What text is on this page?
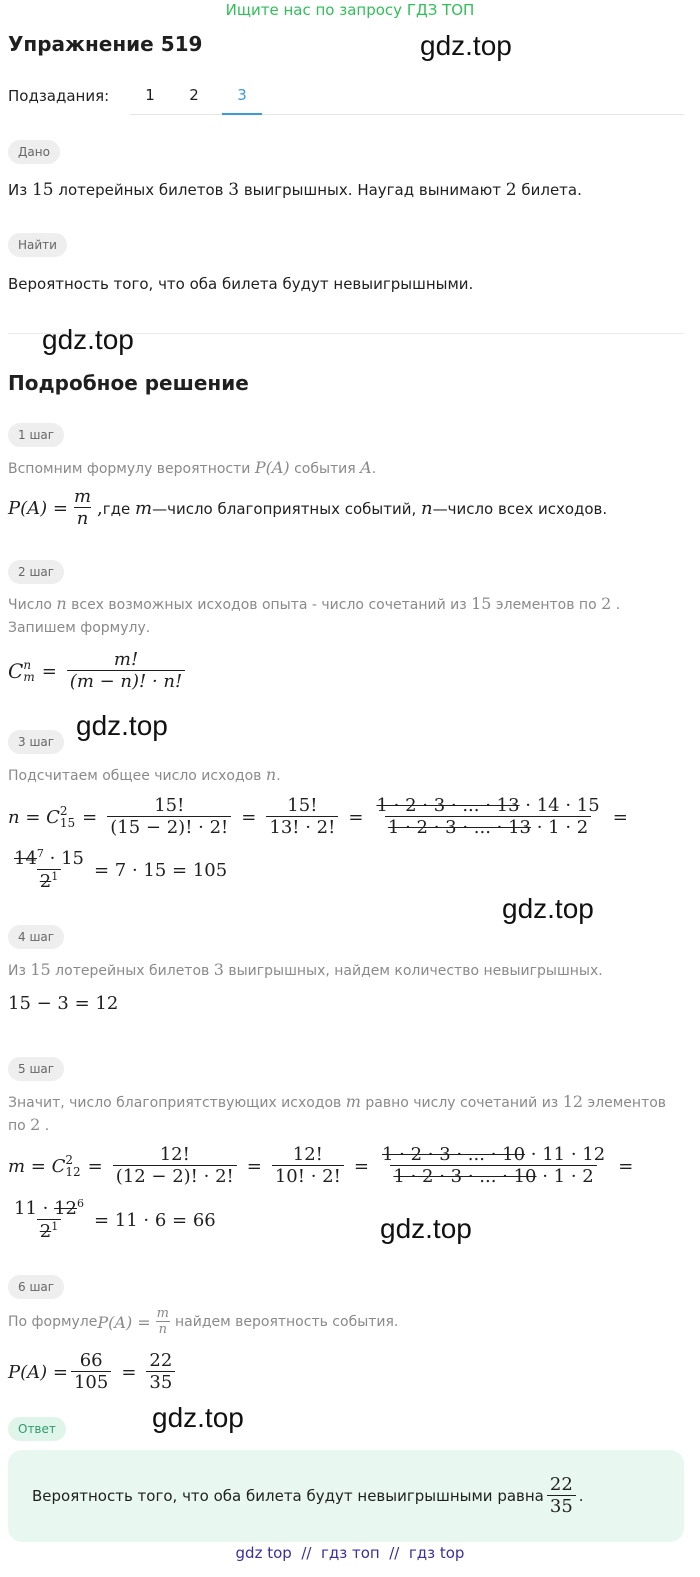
Ищите нас по запросу ГДЗ ТОП
Упражнение 519	gdz.top
Подзадания:	1	2	3
Дано
Из 15 лотерейных билетов 3 выигрышных. Наугад вынимают 2 билета.
Найти
Вероятность того, что оба билета будут невыигрышными.
gdz.top
Подробное решение
1 шаг
Вспомним формулу вероятности P(A) события A.
$P(A) = \frac{m}{n}$ , где m—число благоприятных событий, n—число всех исходов.
2 шаг
Число n всех возможных исходов опыта - число сочетаний из 15 элементов по 2 .
Запишем формулу.
C n
$m = \frac{m!}{(m - n)! \cdot n!}$
gdz.top
3 шаг
Подсчитаем общее число исходов n.
n = C 2
$15 = \frac{15!}{(15 - 2)! \cdot 2!} = \frac{15!}{13! \cdot 2!} = \frac{1 \cdot 2 \cdot 3 \cdot ... \cdot 13 \cdot 14 \cdot 15}{1 \cdot 2 \cdot 3 \cdot ... \cdot 13 \cdot 1 \cdot 2}$ =
$\frac{14^7 \cdot 15}{2^1} = 7 \cdot 15 = 105$
gdz.top
4 шаг
Из 15 лотерейных билетов 3 выигрышных, найдем количество невыигрышных.
15 − 3 = 12
5 шаг
Значит, число благоприятствующих исходов m равно числу сочетаний из 12 элементов
по 2 .
m = C 2
$12 = \frac{12!}{(12 - 2)! \cdot 2!} = \frac{12!}{10! \cdot 2!} = \frac{1 \cdot 2 \cdot 3 \cdot ... \cdot 10 \cdot 11 \cdot 12}{1 \cdot 2 \cdot 3 \cdot ... \cdot 10 \cdot 1 \cdot 2}$ =
$\frac{11 \cdot 12^6}{2^1} = 11 \cdot 6 = 66$	gdz.top
6 шаг
По формуле $P(A) = \frac{m}{n}$ найдем вероятность события.
$P(A) = \frac{66}{105} = \frac{22}{35}$
gdz.top
Ответ
Вероятность того, что оба билета будут невыигрышными равна $\frac{22}{35}$ .
gdz top  //  гдз топ  //  гдз top
